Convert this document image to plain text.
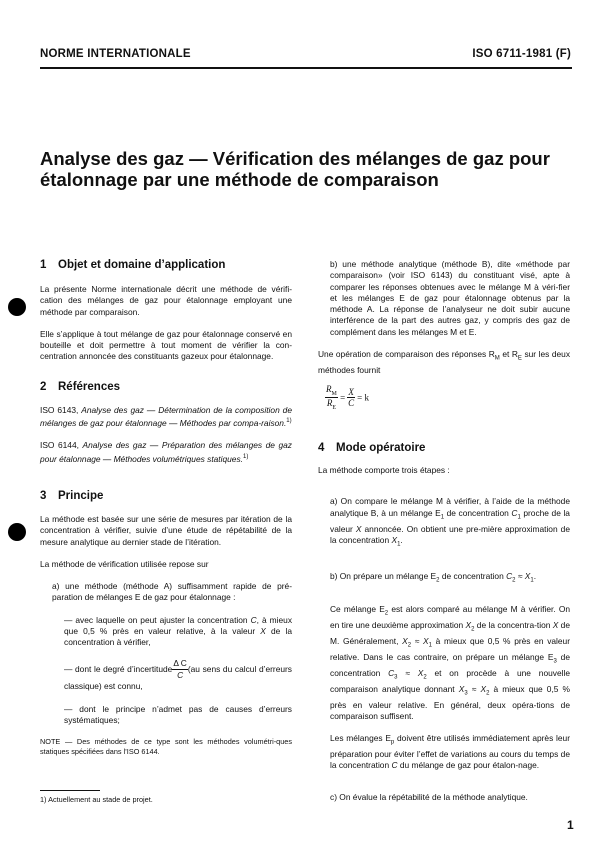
NORME INTERNATIONALE	ISO 6711-1981 (F)
Analyse des gaz — Vérification des mélanges de gaz pour
étalonnage par une méthode de comparaison
1 Objet et domaine d’application

La présente Norme internationale décrit une méthode de vérifi-cation des mélanges de gaz pour étalonnage employant une méthode par comparaison.

Elle s’applique à tout mélange de gaz pour étalonnage conservé en bouteille et doit permettre à tout moment de vérifier la con-centration annoncée des constituants gazeux pour étalonnage.

2 Références

ISO 6143, Analyse des gaz — Détermination de la composition de mélanges de gaz pour étalonnage — Méthodes par compa-raison.$^{1)}$

ISO 6144, Analyse des gaz — Préparation des mélanges de gaz pour étalonnage — Méthodes volumétriques statiques.$^{1)}$

3 Principe

La méthode est basée sur une série de mesures par itération de la concentration à vérifier, suivie d’une étude de répétabilité de la mesure analytique au dernier stade de l’itération.

La méthode de vérification utilisée repose sur

a) une méthode (méthode A) suffisamment rapide de pré-paration de mélanges E de gaz pour étalonnage :

— avec laquelle on peut ajuster la concentration C, à mieux que 0,5 % près en valeur relative, à la valeur X de la concentration à vérifier,

— dont le degré d’incertitude $\frac{\text{Δ C}}{C} (au$ sens du calcul d’erreurs classique) est connu,

— dont le principe n’admet pas de causes d’erreurs systématiques;

NOTE — Des méthodes de ce type sont les méthodes volumétri-ques statiques spécifiées dans l’ISO 6144.

1) Actuellement au stade de projet.

b) une méthode analytique (méthode B), dite «méthode par comparaison» (voir ISO 6143) du constituant visé, apte à comparer les réponses obtenues avec le mélange M à véri-fier et les mélanges E de gaz pour étalonnage obtenus par la méthode A. La réponse de l’analyseur ne doit subir aucune interférence de la part des autres gaz, y compris des gaz de complément dans les mélanges M et E.

Une opération de comparaison des réponses $R_M$ et $R_E$ sur les deux méthodes fournit

$\frac{R_M}{R_E} = \frac{X}{C} = k$
4 Mode opératoire

La méthode comporte trois étapes :

a) On compare le mélange M à vérifier, à l’aide de la méthode analytique B, à un mélange $E_1$ de concentration $C_1$ proche de la valeur X annoncée. On obtient une pre-mière approximation de la concentration $X_1$.

b) On prépare un mélange $E_2$ de concentration $C_2 \approx X_1$.

Ce mélange $E_2$ est alors comparé au mélange M à vérifier. On en tire une deuxième approximation $X_2$ de la concentra-tion X de M. Généralement, $X_2 \approx X_1$ à mieux que 0,5 % près en valeur relative. Dans le cas contraire, on prépare un mélange $E_3$ de concentration $C_3 \approx X_2$ et on procède à une nouvelle comparaison analytique donnant $X_3 \approx X_2$ à mieux que 0,5 % près en valeur relative. En général, deux opéra-tions de comparaison suffisent.

Les mélanges $E_p$ doivent être utilisés immédiatement après leur préparation pour éviter l’effet de variations au cours du temps de la concentration C du mélange de gaz pour étalon-nage.

c) On évalue la répétabilité de la méthode analytique.

1
